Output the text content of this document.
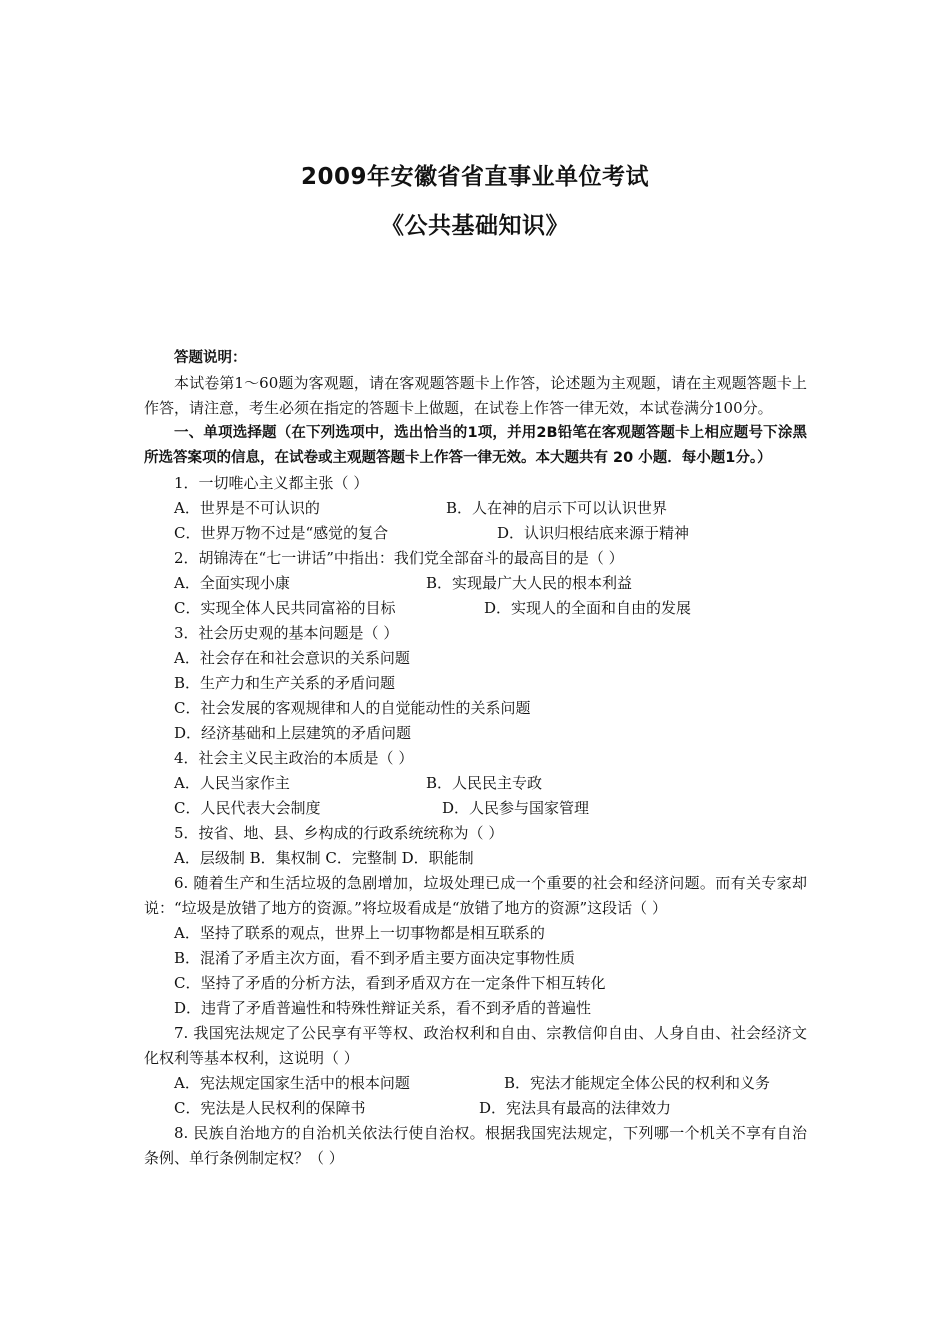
2009年安徽省省直事业单位考试
《公共基础知识》

答题说明：

本试卷第1～60题为客观题，请在客观题答题卡上作答，论述题为主观题，请在主观题答题卡上作答，请注意，考生必须在指定的答题卡上做题，在试卷上作答一律无效，本试卷满分100分。

一、单项选择题（在下列选项中，选出恰当的1项，并用2B铅笔在客观题答题卡上相应题号下涂黑所选答案项的信息，在试卷或主观题答题卡上作答一律无效。本大题共有 20 小题．每小题1分。）

1．一切唯心主义都主张（ ）

A．世界是不可认识的	B．人在神的启示下可以认识世界
C．世界万物不过是“感觉的复合	D．认识归根结底来源于精神

2．胡锦涛在“七一讲话”中指出：我们党全部奋斗的最高目的是（ ）

A．全面实现小康	B．实现最广大人民的根本利益
C．实现全体人民共同富裕的目标	D．实现人的全面和自由的发展

3．社会历史观的基本问题是（ ）

A．社会存在和社会意识的关系问题

B．生产力和生产关系的矛盾问题

C．社会发展的客观规律和人的自觉能动性的关系问题

D．经济基础和上层建筑的矛盾问题

4．社会主义民主政治的本质是（ ）

A．人民当家作主	B．人民民主专政
C．人民代表大会制度	D．人民参与国家管理

5．按省、地、县、乡构成的行政系统统称为（ ）

A．层级制 B．集权制 C．完整制 D．职能制

6. 随着生产和生活垃圾的急剧增加，垃圾处理已成一个重要的社会和经济问题。而有关专家却说：“垃圾是放错了地方的资源。”将垃圾看成是“放错了地方的资源”这段话（ ）

A．坚持了联系的观点，世界上一切事物都是相互联系的

B．混淆了矛盾主次方面，看不到矛盾主要方面决定事物性质

C．坚持了矛盾的分析方法，看到矛盾双方在一定条件下相互转化

D．违背了矛盾普遍性和特殊性辩证关系，看不到矛盾的普遍性

7. 我国宪法规定了公民享有平等权、政治权利和自由、宗教信仰自由、人身自由、社会经济文化权利等基本权利，这说明（ ）

A．宪法规定国家生活中的根本问题	B．宪法才能规定全体公民的权利和义务
C．宪法是人民权利的保障书	D．宪法具有最高的法律效力

8. 民族自治地方的自治机关依法行使自治权。根据我国宪法规定，下列哪一个机关不享有自治条例、单行条例制定权？（ ）
